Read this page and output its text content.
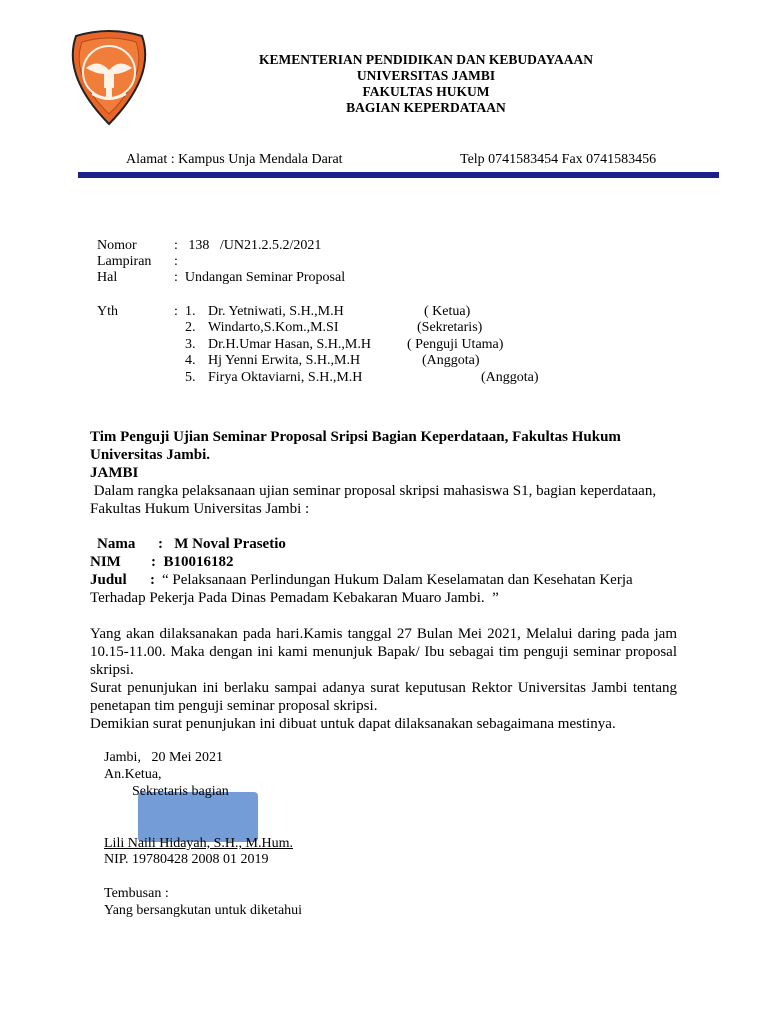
KEMENTERIAN PENDIDIKAN DAN KEBUDAYAAAN
UNIVERSITAS JAMBI
FAKULTAS HUKUM
BAGIAN KEPERDATAAN
Alamat : Kampus Unja Mendala Darat	Telp 0741583454 Fax 0741583456
Nomor	:   138   /UN21.2.5.2/2021
Lampiran :
Hal	:  Undangan Seminar Proposal
Yth	: 1. Dr. Yetniwati, S.H.,M.H	( Ketua)
2. Windarto,S.Kom.,M.SI	(Sekretaris)
3. Dr.H.Umar Hasan, S.H.,M.H	( Penguji Utama)
4. Hj Yenni Erwita, S.H.,M.H	(Anggota)
5. Firya Oktaviarni, S.H.,M.H	(Anggota)
Tim Penguji Ujian Seminar Proposal Sripsi Bagian Keperdataan, Fakultas Hukum
Universitas Jambi.
JAMBI
Dalam rangka pelaksanaan ujian seminar proposal skripsi mahasiswa S1, bagian keperdataan,
Fakultas Hukum Universitas Jambi :
Nama :   M Noval Prasetio
NIM :  B10016182
Judul : “ Pelaksanaan Perlindungan Hukum Dalam Keselamatan dan Kesehatan Kerja
Terhadap Pekerja Pada Dinas Pemadam Kebakaran Muaro Jambi.  ”
Yang akan dilaksanakan pada hari.Kamis tanggal 27 Bulan Mei 2021, Melalui daring pada jam 10.15-11.00. Maka dengan ini kami menunjuk Bapak/ Ibu sebagai tim penguji seminar proposal skripsi.
Surat penunjukan ini berlaku sampai adanya surat keputusan Rektor Universitas Jambi tentang penetapan tim penguji seminar proposal skripsi.
Demikian surat penunjukan ini dibuat untuk dapat dilaksanakan sebagaimana mestinya.
Jambi,   20 Mei 2021
An.Ketua,
Sekretaris bagian
Lili Naili Hidayah, S.H., M.Hum.
NIP. 19780428 2008 01 2019
Tembusan :
Yang bersangkutan untuk diketahui
